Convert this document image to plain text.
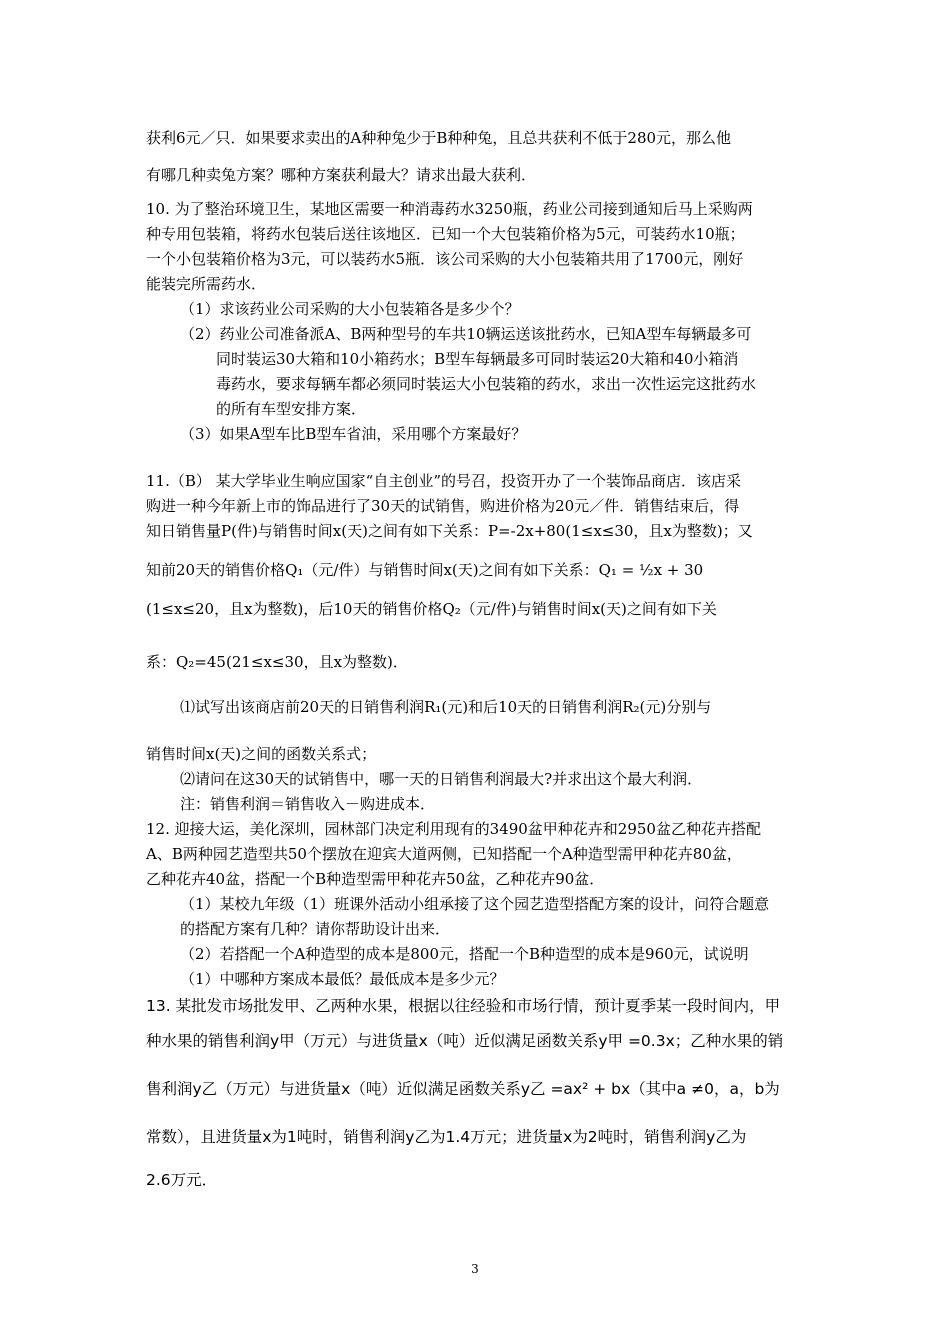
获利6元／只．如果要求卖出的A种种兔少于B种种兔，且总共获利不低于280元，那么他
有哪几种卖兔方案？哪种方案获利最大？请求出最大获利．
10. 为了整治环境卫生，某地区需要一种消毒药水3250瓶，药业公司接到通知后马上采购两
种专用包装箱，将药水包装后送往该地区．已知一个大包装箱价格为5元，可装药水10瓶；
一个小包装箱价格为3元，可以装药水5瓶．该公司采购的大小包装箱共用了1700元，刚好
能装完所需药水．
（1）求该药业公司采购的大小包装箱各是多少个？
（2）药业公司准备派A、B两种型号的车共10辆运送该批药水，已知A型车每辆最多可
同时装运30大箱和10小箱药水；B型车每辆最多可同时装运20大箱和40小箱消
毒药水，要求每辆车都必须同时装运大小包装箱的药水，求出一次性运完这批药水
的所有车型安排方案．
（3）如果A型车比B型车省油，采用哪个方案最好？
11.（B） 某大学毕业生响应国家“自主创业”的号召，投资开办了一个装饰品商店．该店采
购进一种今年新上市的饰品进行了30天的试销售，购进价格为20元／件．销售结束后，得
知日销售量P(件)与销售时间x(天)之间有如下关系：P=-2x+80(1≤x≤30，且x为整数)；又
知前20天的销售价格Q₁（元/件）与销售时间x(天)之间有如下关系：Q₁ = ½x + 30
(1≤x≤20，且x为整数)，后10天的销售价格Q₂（元/件)与销售时间x(天)之间有如下关
系：Q₂=45(21≤x≤30，且x为整数)．
⑴试写出该商店前20天的日销售利润R₁(元)和后10天的日销售利润R₂(元)分别与
销售时间x(天)之间的函数关系式；
⑵请问在这30天的试销售中，哪一天的日销售利润最大?并求出这个最大利润．
注：销售利润＝销售收入－购进成本．
12. 迎接大运，美化深圳，园林部门决定利用现有的3490盆甲种花卉和2950盆乙种花卉搭配
A、B两种园艺造型共50个摆放在迎宾大道两侧，已知搭配一个A种造型需甲种花卉80盆，
乙种花卉40盆，搭配一个B种造型需甲种花卉50盆，乙种花卉90盆．
（1）某校九年级（1）班课外活动小组承接了这个园艺造型搭配方案的设计，问符合题意
的搭配方案有几种？请你帮助设计出来．
（2）若搭配一个A种造型的成本是800元，搭配一个B种造型的成本是960元，试说明
（1）中哪种方案成本最低？最低成本是多少元？
13. 某批发市场批发甲、乙两种水果，根据以往经验和市场行情，预计夏季某一段时间内，甲
种水果的销售利润y甲（万元）与进货量x（吨）近似满足函数关系y甲 =0.3x；乙种水果的销
售利润y乙（万元）与进货量x（吨）近似满足函数关系y乙 =ax² + bx（其中a ≠0，a，b为
常数），且进货量x为1吨时，销售利润y乙为1.4万元；进货量x为2吨时，销售利润y乙为
2.6万元．
3
